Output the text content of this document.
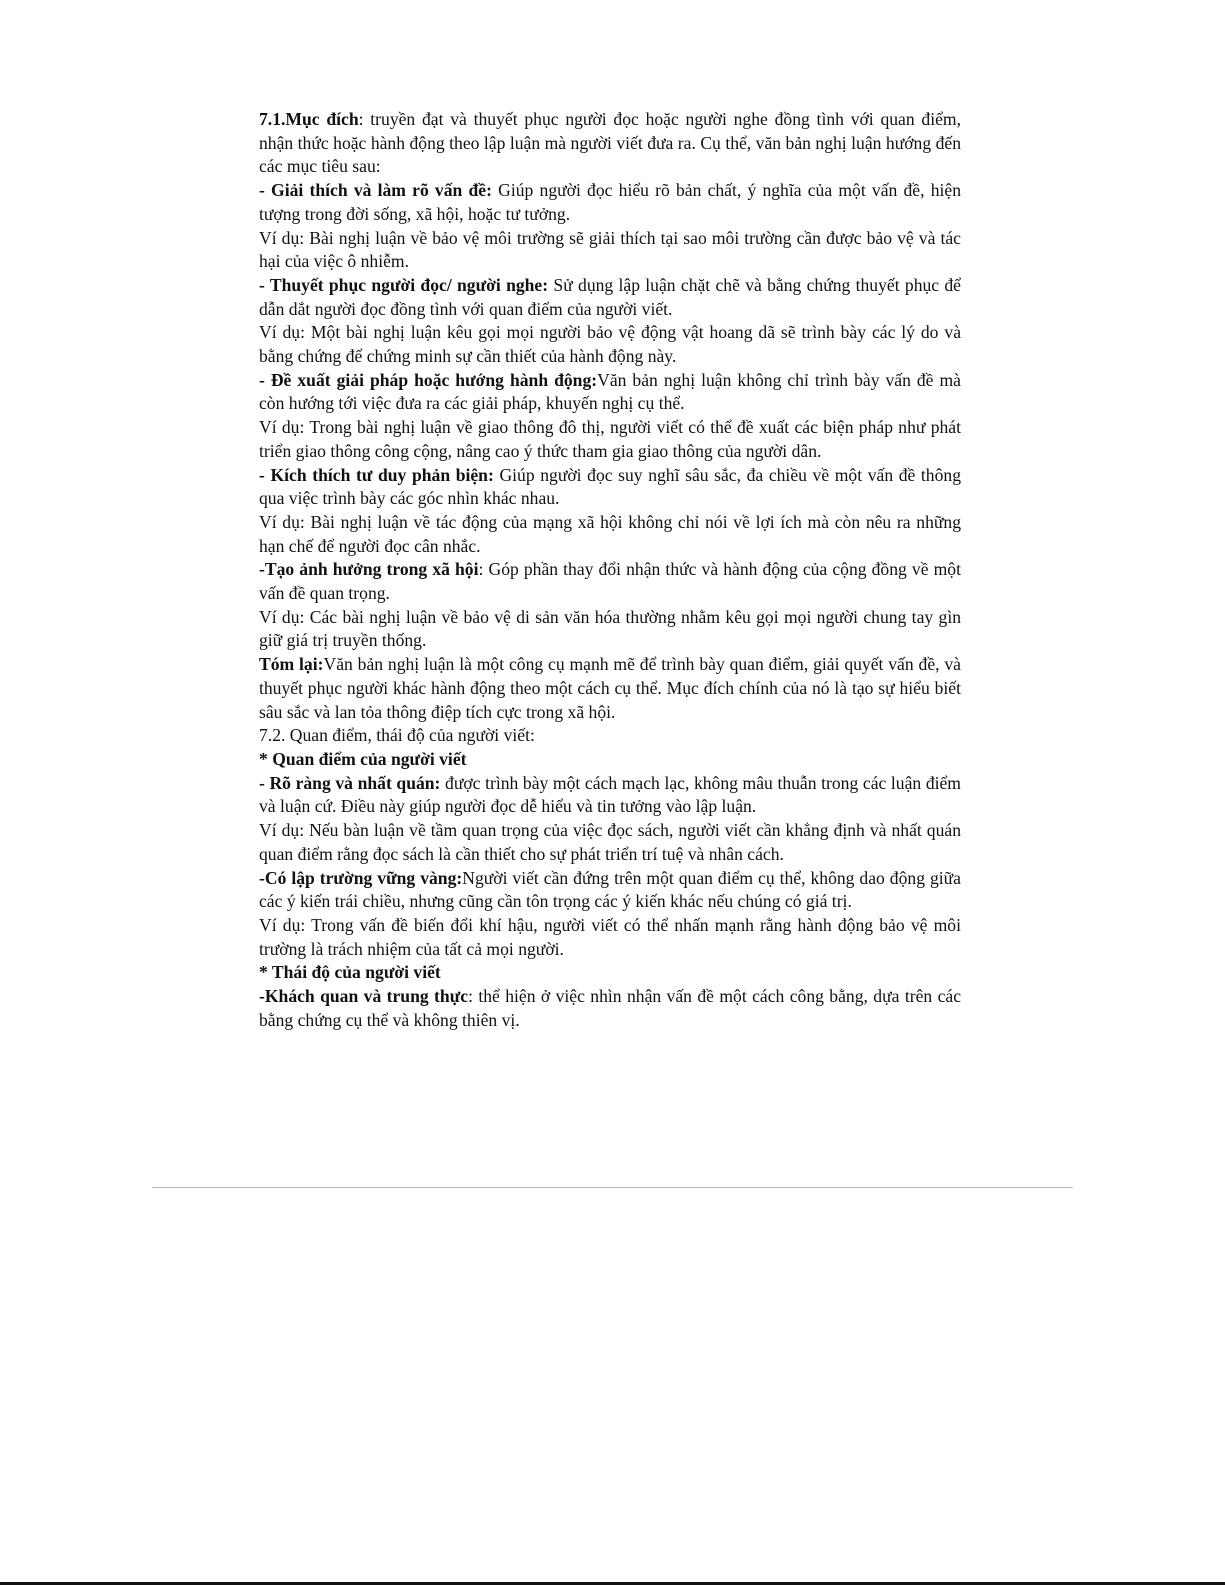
7.1.Mục đích: truyền đạt và thuyết phục người đọc hoặc người nghe đồng tình với quan điểm, nhận thức hoặc hành động theo lập luận mà người viết đưa ra. Cụ thể, văn bản nghị luận hướng đến các mục tiêu sau:

- Giải thích và làm rõ vấn đề: Giúp người đọc hiểu rõ bản chất, ý nghĩa của một vấn đề, hiện tượng trong đời sống, xã hội, hoặc tư tưởng.

Ví dụ: Bài nghị luận về bảo vệ môi trường sẽ giải thích tại sao môi trường cần được bảo vệ và tác hại của việc ô nhiễm.

- Thuyết phục người đọc/ người nghe: Sử dụng lập luận chặt chẽ và bằng chứng thuyết phục để dẫn dắt người đọc đồng tình với quan điểm của người viết.

Ví dụ: Một bài nghị luận kêu gọi mọi người bảo vệ động vật hoang dã sẽ trình bày các lý do và bằng chứng để chứng minh sự cần thiết của hành động này.

- Đề xuất giải pháp hoặc hướng hành động:Văn bản nghị luận không chỉ trình bày vấn đề mà còn hướng tới việc đưa ra các giải pháp, khuyến nghị cụ thể.

Ví dụ: Trong bài nghị luận về giao thông đô thị, người viết có thể đề xuất các biện pháp như phát triển giao thông công cộng, nâng cao ý thức tham gia giao thông của người dân.

- Kích thích tư duy phản biện: Giúp người đọc suy nghĩ sâu sắc, đa chiều về một vấn đề thông qua việc trình bày các góc nhìn khác nhau.

Ví dụ: Bài nghị luận về tác động của mạng xã hội không chỉ nói về lợi ích mà còn nêu ra những hạn chế để người đọc cân nhắc.

-Tạo ảnh hưởng trong xã hội: Góp phần thay đổi nhận thức và hành động của cộng đồng về một vấn đề quan trọng.

Ví dụ: Các bài nghị luận về bảo vệ di sản văn hóa thường nhằm kêu gọi mọi người chung tay gìn giữ giá trị truyền thống.

Tóm lại:Văn bản nghị luận là một công cụ mạnh mẽ để trình bày quan điểm, giải quyết vấn đề, và thuyết phục người khác hành động theo một cách cụ thể. Mục đích chính của nó là tạo sự hiểu biết sâu sắc và lan tỏa thông điệp tích cực trong xã hội.

7.2. Quan điểm, thái độ của người viết:

* Quan điểm của người viết

- Rõ ràng và nhất quán: được trình bày một cách mạch lạc, không mâu thuẫn trong các luận điểm và luận cứ. Điều này giúp người đọc dễ hiểu và tin tưởng vào lập luận.

Ví dụ: Nếu bàn luận về tầm quan trọng của việc đọc sách, người viết cần khẳng định và nhất quán quan điểm rằng đọc sách là cần thiết cho sự phát triển trí tuệ và nhân cách.

-Có lập trường vững vàng:Người viết cần đứng trên một quan điểm cụ thể, không dao động giữa các ý kiến trái chiều, nhưng cũng cần tôn trọng các ý kiến khác nếu chúng có giá trị.

Ví dụ: Trong vấn đề biến đổi khí hậu, người viết có thể nhấn mạnh rằng hành động bảo vệ môi trường là trách nhiệm của tất cả mọi người.

* Thái độ của người viết

-Khách quan và trung thực: thể hiện ở việc nhìn nhận vấn đề một cách công bằng, dựa trên các bằng chứng cụ thể và không thiên vị.
